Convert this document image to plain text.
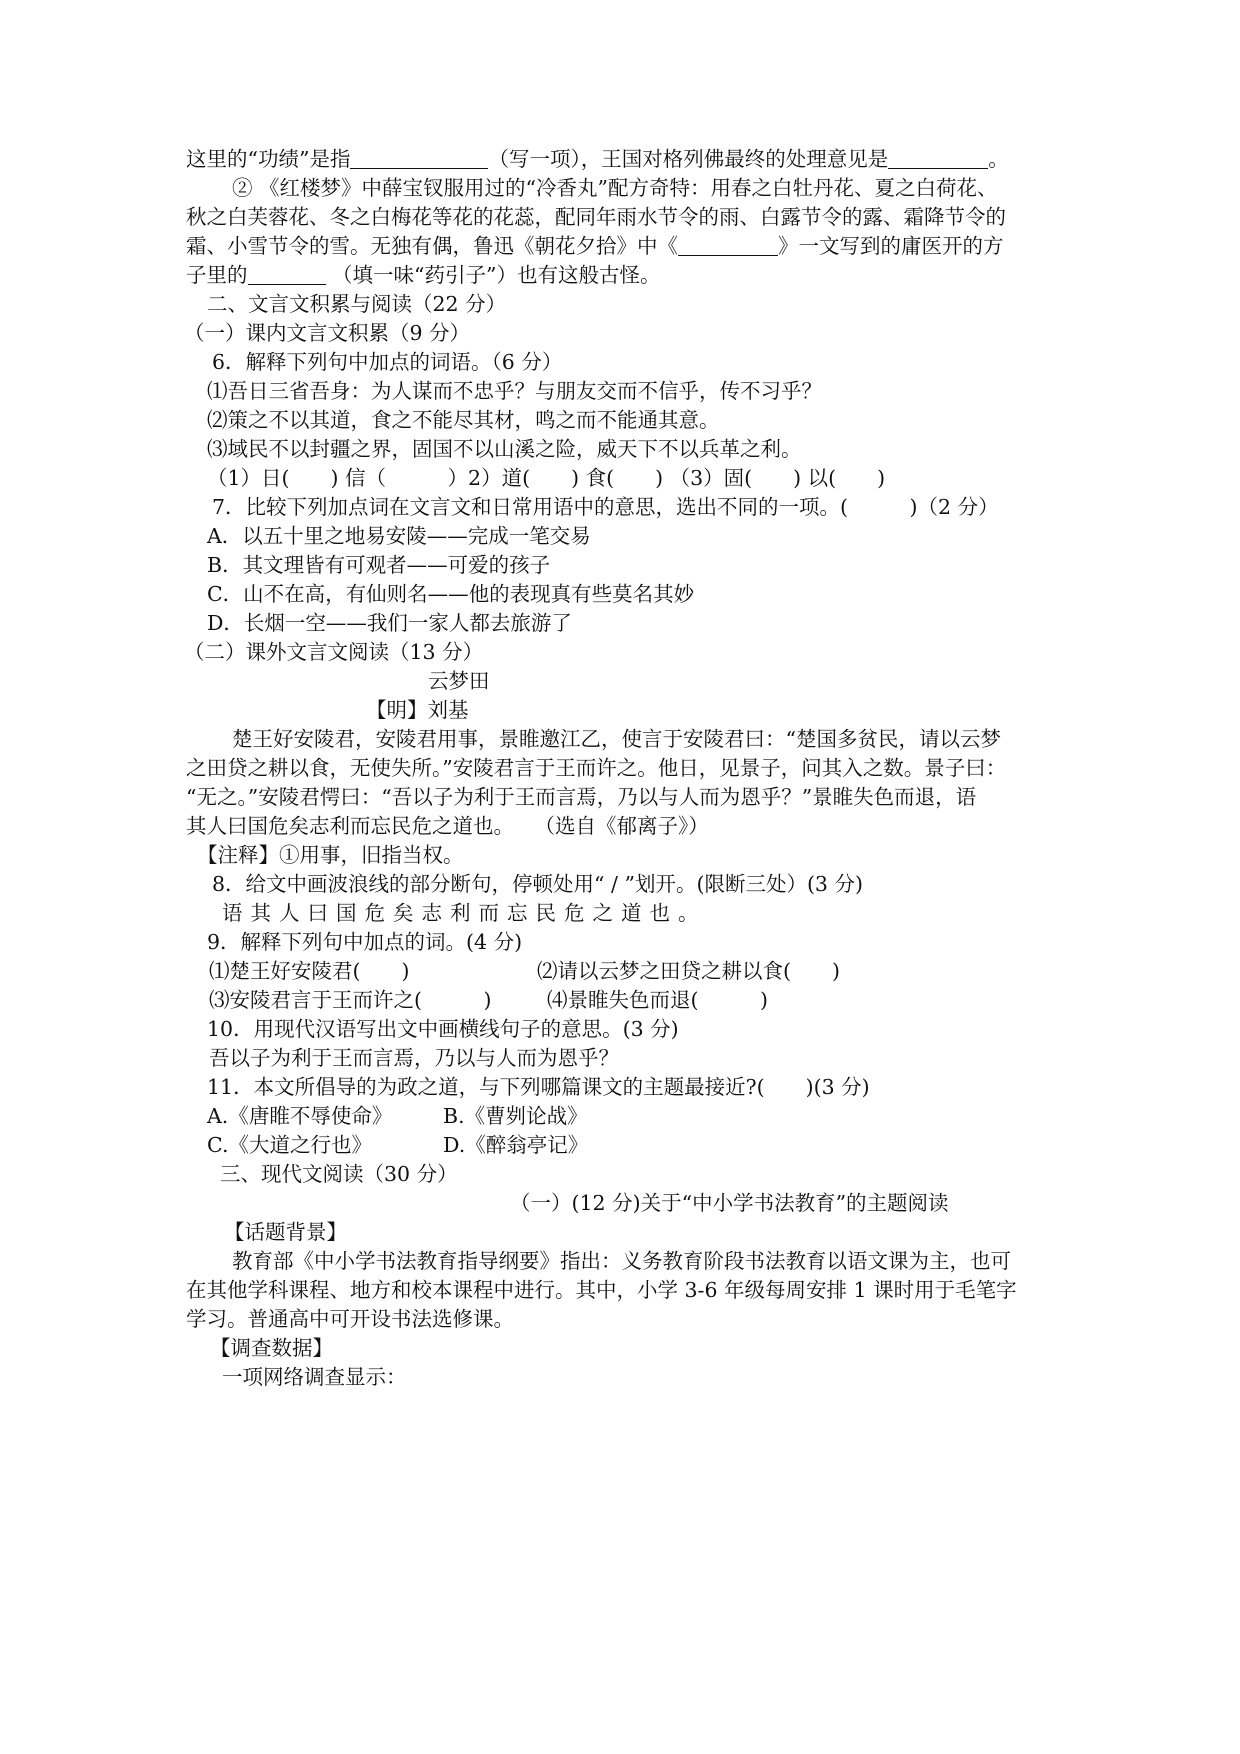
这里的“功绩”是指	（写一项），王国对格列佛最终的处理意见是	。
② 《红楼梦》中薛宝钗服用过的“冷香丸”配方奇特：用春之白牡丹花、夏之白荷花、
秋之白芙蓉花、冬之白梅花等花的花蕊，配同年雨水节令的雨、白露节令的露、霜降节令的
霜、小雪节令的雪。无独有偶，鲁迅《朝花夕拾》中《	》一文写到的庸医开的方
子里的	（填一味“药引子”）也有这般古怪。
二、文言文积累与阅读（22 分）
（一）课内文言文积累（9 分）
6．解释下列句中加点的词语。（6 分）
⑴吾日三省吾身：为人谋而不忠乎？与朋友交而不信乎，传不习乎？
⑵策之不以其道，食之不能尽其材，鸣之而不能通其意。
⑶域民不以封疆之界，固国不以山溪之险，威天下不以兵革之利。
（1）日(　　) 信（　　　）2）道(　　) 食(　　) （3）固(　　) 以(　　)
7．比较下列加点词在文言文和日常用语中的意思，选出不同的一项。(　　　)（2 分）
A．以五十里之地易安陵——完成一笔交易
B．其文理皆有可观者——可爱的孩子
C．山不在高，有仙则名——他的表现真有些莫名其妙
D．长烟一空——我们一家人都去旅游了
（二）课外文言文阅读（13 分）
云梦田
【明】刘基
楚王好安陵君，安陵君用事，景睢邀江乙，使言于安陵君曰：“楚国多贫民，请以云梦
之田贷之耕以食，无使失所。”安陵君言于王而许之。他日，见景子，问其入之数。景子曰：
“无之。”安陵君愕曰：“吾以子为利于王而言焉，乃以与人而为恩乎？”景睢失色而退，语
其人曰国危矣志利而忘民危之道也。　　（选自《郁离子》）
【注释】①用事，旧指当权。
8．给文中画波浪线的部分断句，停顿处用“ / ”划开。(限断三处）(3 分)
语其人曰国危矣志利而忘民危之道也。
9．解释下列句中加点的词。(4 分)
⑴楚王好安陵君(　　)	⑵请以云梦之田贷之耕以食(　　)
⑶安陵君言于王而许之(　　　)	⑷景睢失色而退(　　　)
10．用现代汉语写出文中画横线句子的意思。(3 分)
吾以子为利于王而言焉，乃以与人而为恩乎？
11．本文所倡导的为政之道，与下列哪篇课文的主题最接近?(　　)(3 分)
A.《唐睢不辱使命》 B.《曹刿论战》
C.《大道之行也》	D.《醉翁亭记》
三、现代文阅读（30 分）
（一）(12 分)关于“中小学书法教育”的主题阅读
【话题背景】
教育部《中小学书法教育指导纲要》指出：义务教育阶段书法教育以语文课为主，也可
在其他学科课程、地方和校本课程中进行。其中，小学 3-6 年级每周安排 1 课时用于毛笔字
学习。普通高中可开设书法选修课。
【调查数据】
一项网络调查显示：
